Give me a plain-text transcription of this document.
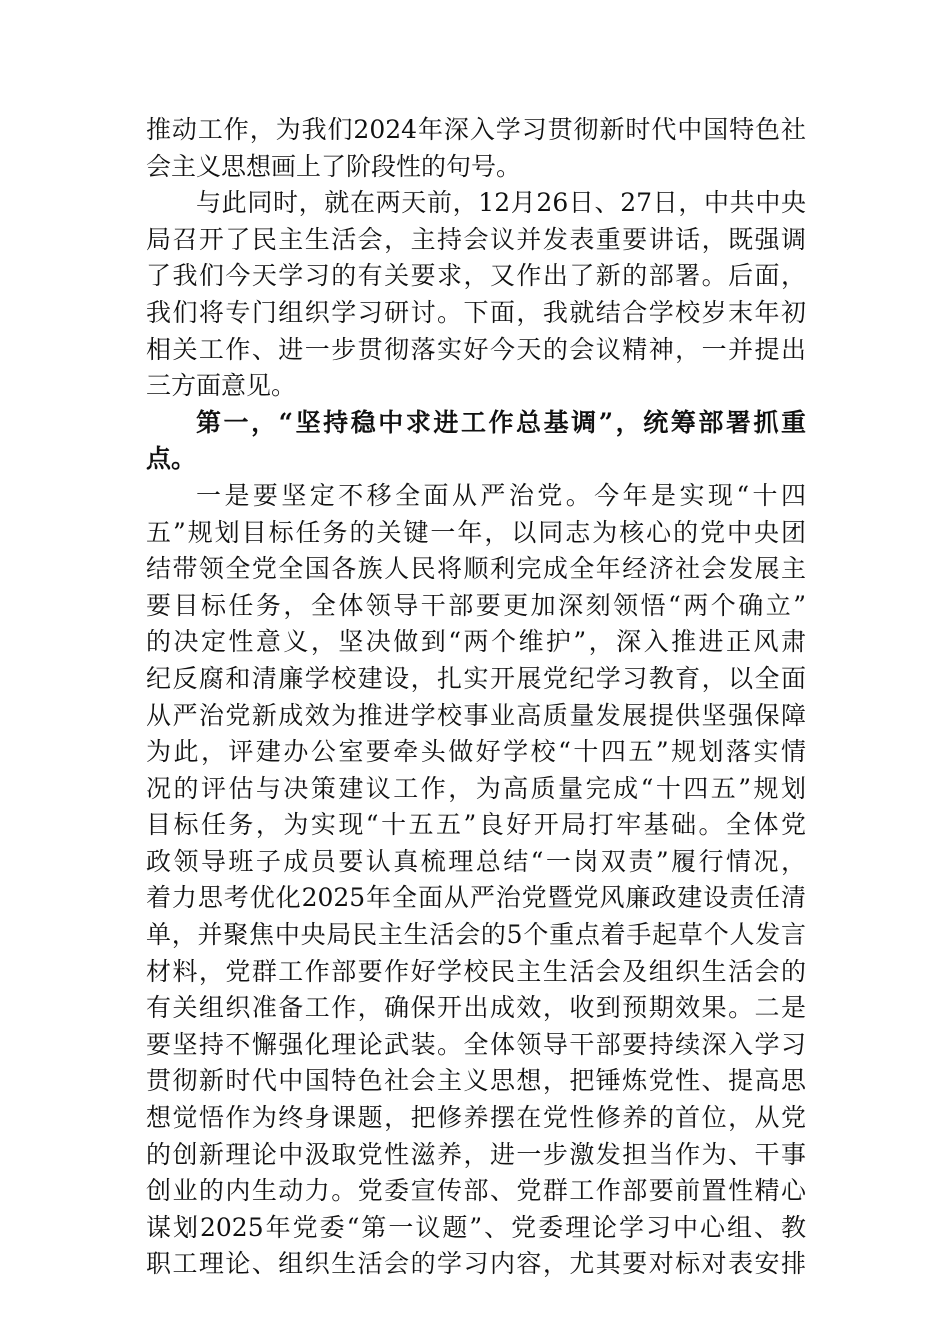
推动工作，为我们2024年深入学习贯彻新时代中国特色社
会主义思想画上了阶段性的句号。
与此同时，就在两天前，12月26日、27日，中共中央
局召开了民主生活会，主持会议并发表重要讲话，既强调
了我们今天学习的有关要求，又作出了新的部署。后面，
我们将专门组织学习研讨。下面，我就结合学校岁末年初
相关工作、进一步贯彻落实好今天的会议精神，一并提出
三方面意见。
第一，“坚持稳中求进工作总基调”，统筹部署抓重
点。
一是要坚定不移全面从严治党。今年是实现“十四
五”规划目标任务的关键一年，以同志为核心的党中央团
结带领全党全国各族人民将顺利完成全年经济社会发展主
要目标任务，全体领导干部要更加深刻领悟“两个确立”
的决定性意义，坚决做到“两个维护”，深入推进正风肃
纪反腐和清廉学校建设，扎实开展党纪学习教育，以全面
从严治党新成效为推进学校事业高质量发展提供坚强保障
为此，评建办公室要牵头做好学校“十四五”规划落实情
况的评估与决策建议工作，为高质量完成“十四五”规划
目标任务，为实现“十五五”良好开局打牢基础。全体党
政领导班子成员要认真梳理总结“一岗双责”履行情况，
着力思考优化2025年全面从严治党暨党风廉政建设责任清
单，并聚焦中央局民主生活会的5个重点着手起草个人发言
材料，党群工作部要作好学校民主生活会及组织生活会的
有关组织准备工作，确保开出成效，收到预期效果。二是
要坚持不懈强化理论武装。全体领导干部要持续深入学习
贯彻新时代中国特色社会主义思想，把锤炼党性、提高思
想觉悟作为终身课题，把修养摆在党性修养的首位，从党
的创新理论中汲取党性滋养，进一步激发担当作为、干事
创业的内生动力。党委宣传部、党群工作部要前置性精心
谋划2025年党委“第一议题”、党委理论学习中心组、教
职工理论、组织生活会的学习内容，尤其要对标对表安排
